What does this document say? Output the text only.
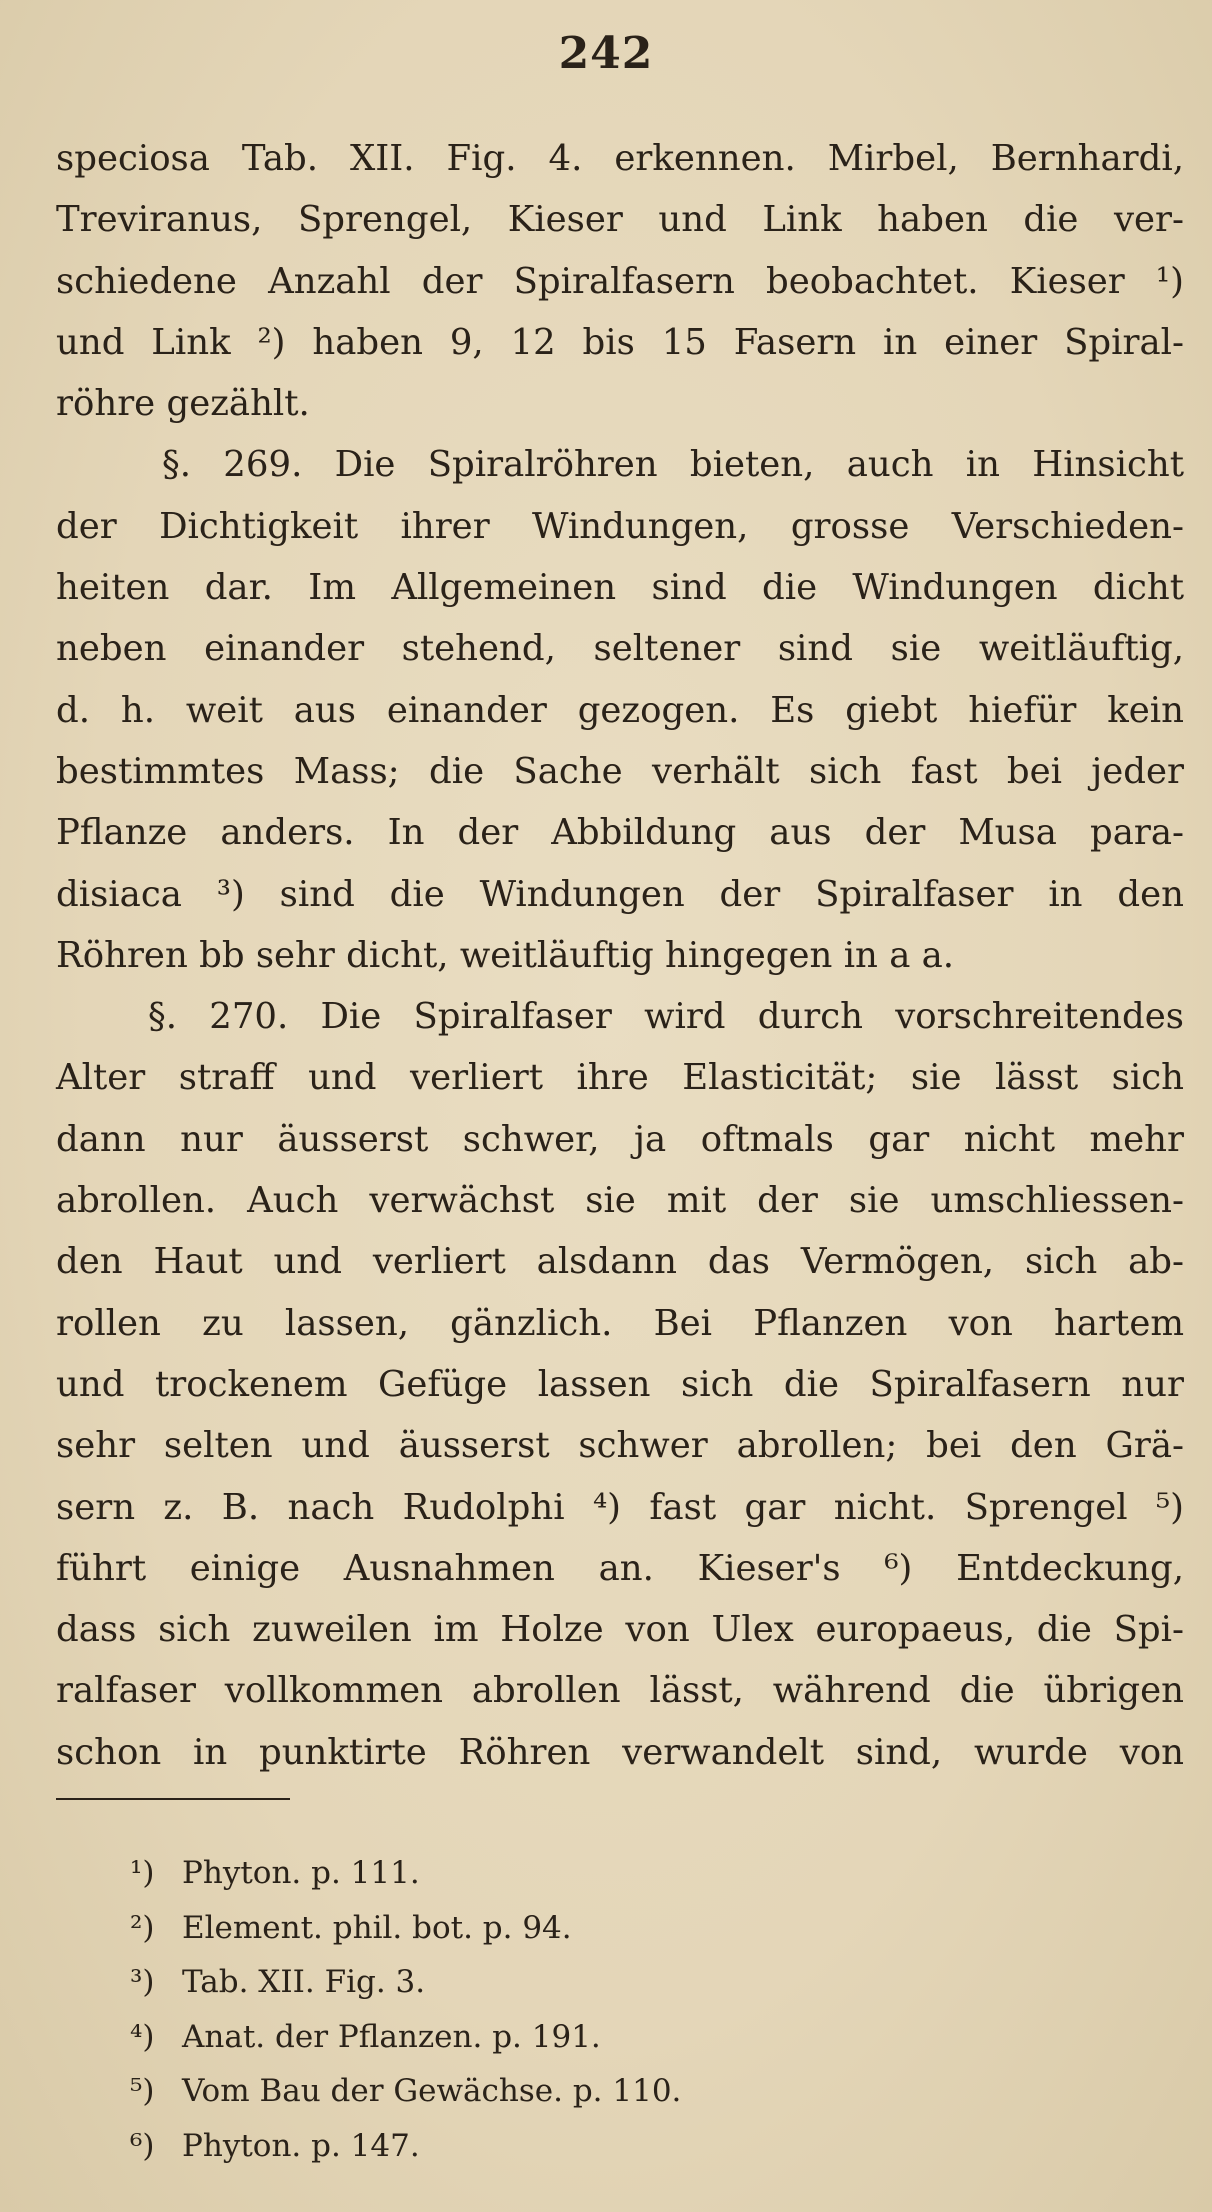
242
speciosa Tab. XII. Fig. 4. erkennen. Mirbel, Bernhardi,
Treviranus, Sprengel, Kieser und Link haben die ver-
schiedene Anzahl der Spiralfasern beobachtet. Kieser ¹)
und Link ²) haben 9, 12 bis 15 Fasern in einer Spiral-
röhre gezählt.
§. 269. Die Spiralröhren bieten, auch in Hinsicht
der Dichtigkeit ihrer Windungen, grosse Verschieden-
heiten dar. Im Allgemeinen sind die Windungen dicht
neben einander stehend, seltener sind sie weitläuftig,
d. h. weit aus einander gezogen. Es giebt hiefür kein
bestimmtes Mass; die Sache verhält sich fast bei jeder
Pflanze anders. In der Abbildung aus der Musa para-
disiaca ³) sind die Windungen der Spiralfaser in den
Röhren bb sehr dicht, weitläuftig hingegen in a a.
§. 270. Die Spiralfaser wird durch vorschreitendes
Alter straff und verliert ihre Elasticität; sie lässt sich
dann nur äusserst schwer, ja oftmals gar nicht mehr
abrollen. Auch verwächst sie mit der sie umschliessen-
den Haut und verliert alsdann das Vermögen, sich ab-
rollen zu lassen, gänzlich. Bei Pflanzen von hartem
und trockenem Gefüge lassen sich die Spiralfasern nur
sehr selten und äusserst schwer abrollen; bei den Grä-
sern z. B. nach Rudolphi ⁴) fast gar nicht. Sprengel ⁵)
führt einige Ausnahmen an. Kieser's ⁶) Entdeckung,
dass sich zuweilen im Holze von Ulex europaeus, die Spi-
ralfaser vollkommen abrollen lässt, während die übrigen
schon in punktirte Röhren verwandelt sind, wurde von
¹) Phyton. p. 111.
²) Element. phil. bot. p. 94.
³) Tab. XII. Fig. 3.
⁴) Anat. der Pflanzen. p. 191.
⁵) Vom Bau der Gewächse. p. 110.
⁶) Phyton. p. 147.
